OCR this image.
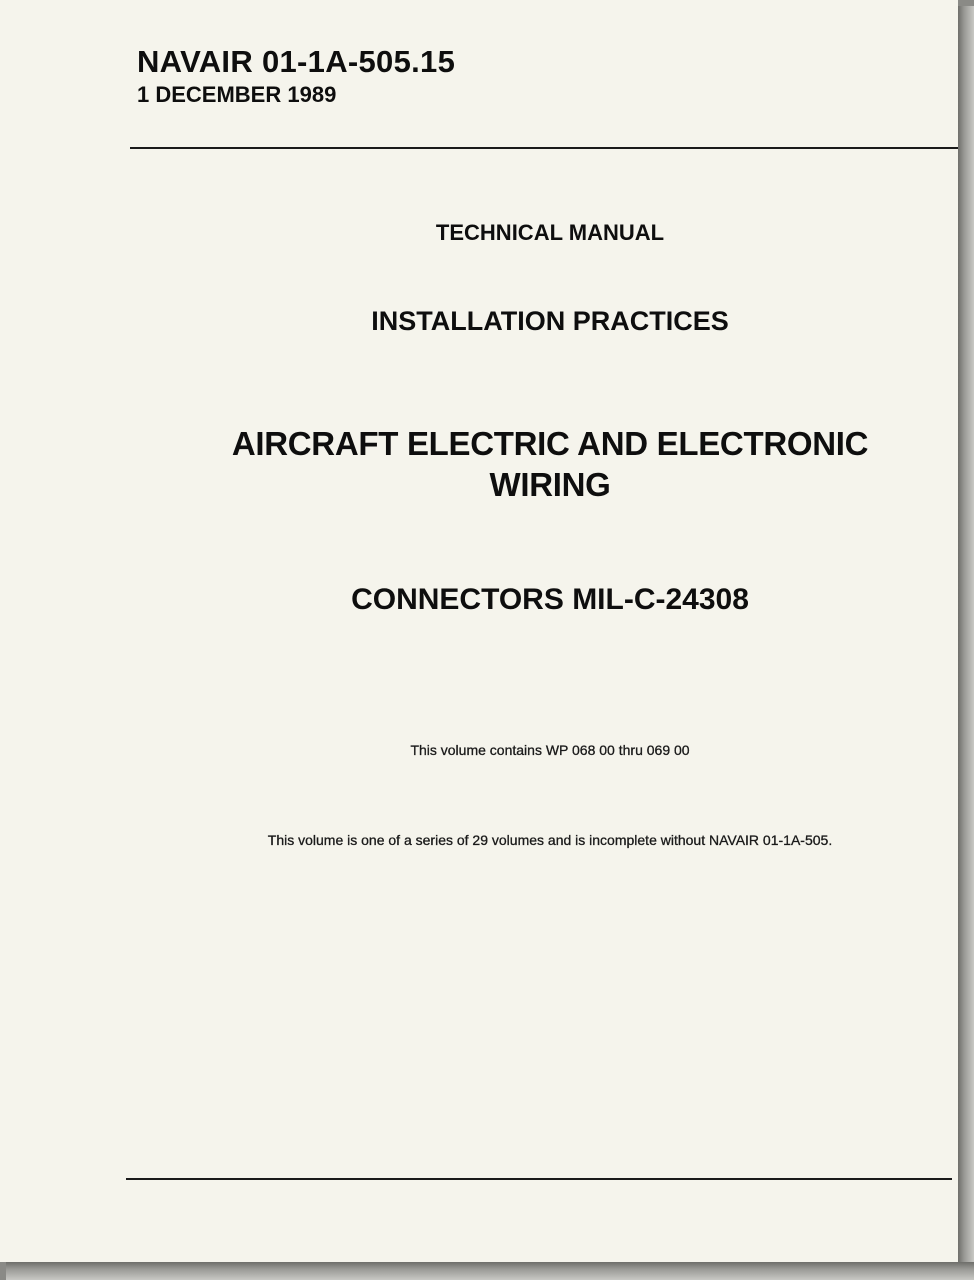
NAVAIR 01-1A-505.15
1 DECEMBER 1989
TECHNICAL MANUAL
INSTALLATION PRACTICES
AIRCRAFT ELECTRIC AND ELECTRONIC
WIRING
CONNECTORS MIL-C-24308
This volume contains WP 068 00 thru 069 00
This volume is one of a series of 29 volumes and is incomplete without NAVAIR 01-1A-505.
